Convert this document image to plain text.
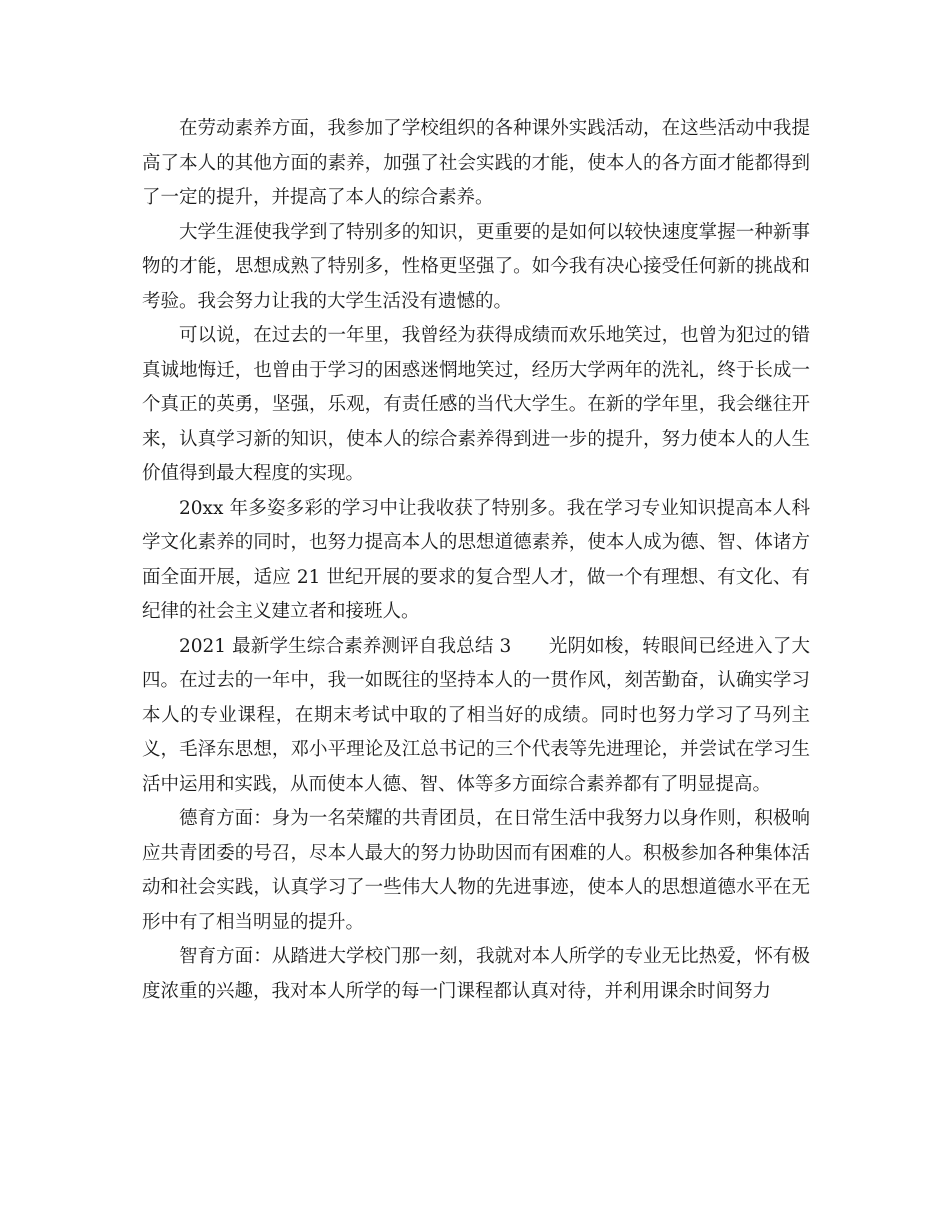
在劳动素养方面，我参加了学校组织的各种课外实践活动，在这些活动中我提高了本人的其他方面的素养，加强了社会实践的才能，使本人的各方面才能都得到了一定的提升，并提高了本人的综合素养。

大学生涯使我学到了特别多的知识，更重要的是如何以较快速度掌握一种新事物的才能，思想成熟了特别多，性格更坚强了。如今我有决心接受任何新的挑战和考验。我会努力让我的大学生活没有遗憾的。

可以说，在过去的一年里，我曾经为获得成绩而欢乐地笑过，也曾为犯过的错真诚地悔迁，也曾由于学习的困惑迷惘地笑过，经历大学两年的洗礼，终于长成一个真正的英勇，坚强，乐观，有责任感的当代大学生。在新的学年里，我会继往开来，认真学习新的知识，使本人的综合素养得到进一步的提升，努力使本人的人生价值得到最大程度的实现。

20xx 年多姿多彩的学习中让我收获了特别多。我在学习专业知识提高本人科学文化素养的同时，也努力提高本人的思想道德素养，使本人成为德、智、体诸方面全面开展，适应 21 世纪开展的要求的复合型人才，做一个有理想、有文化、有纪律的社会主义建立者和接班人。

2021 最新学生综合素养测评自我总结 3　　光阴如梭，转眼间已经进入了大四。在过去的一年中，我一如既往的坚持本人的一贯作风，刻苦勤奋，认确实学习本人的专业课程，在期末考试中取的了相当好的成绩。同时也努力学习了马列主义，毛泽东思想，邓小平理论及江总书记的三个代表等先进理论，并尝试在学习生活中运用和实践，从而使本人德、智、体等多方面综合素养都有了明显提高。

德育方面：身为一名荣耀的共青团员，在日常生活中我努力以身作则，积极响应共青团委的号召，尽本人最大的努力协助因而有困难的人。积极参加各种集体活动和社会实践，认真学习了一些伟大人物的先进事迹，使本人的思想道德水平在无形中有了相当明显的提升。

智育方面：从踏进大学校门那一刻，我就对本人所学的专业无比热爱，怀有极度浓重的兴趣，我对本人所学的每一门课程都认真对待，并利用课余时间努力
